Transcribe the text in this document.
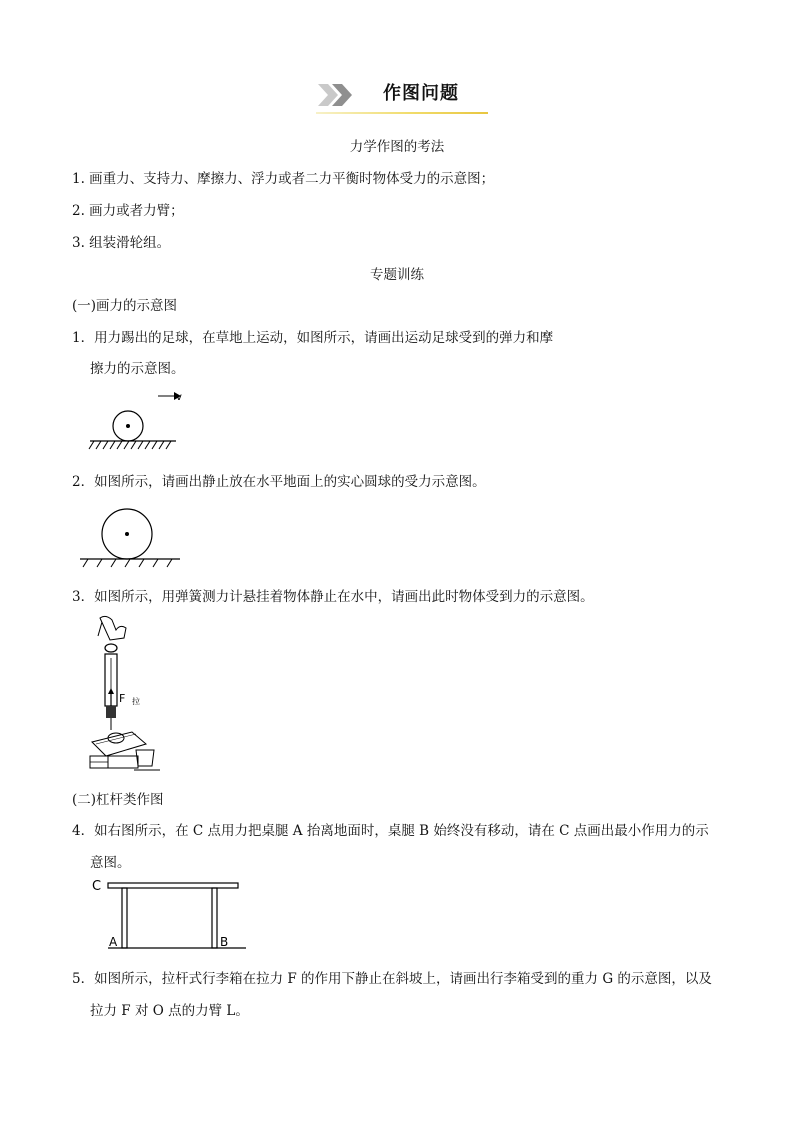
作图问题
力学作图的考法
1. 画重力、支持力、摩擦力、浮力或者二力平衡时物体受力的示意图；
2. 画力或者力臂；
3. 组装滑轮组。
专题训练
(一)画力的示意图
1．用力踢出的足球，在草地上运动，如图所示，请画出运动足球受到的弹力和摩
擦力的示意图。
v
2．如图所示，请画出静止放在水平地面上的实心圆球的受力示意图。
3．如图所示，用弹簧测力计悬挂着物体静止在水中，请画出此时物体受到力的示意图。
F 拉
(二)杠杆类作图
4．如右图所示，在 C 点用力把桌腿 A 抬离地面时，桌腿 B 始终没有移动，请在 C 点画出最小作用力的示
意图。
C
A	B
5．如图所示，拉杆式行李箱在拉力 F 的作用下静止在斜坡上，请画出行李箱受到的重力 G 的示意图，以及
拉力 F 对 O 点的力臂 L。
